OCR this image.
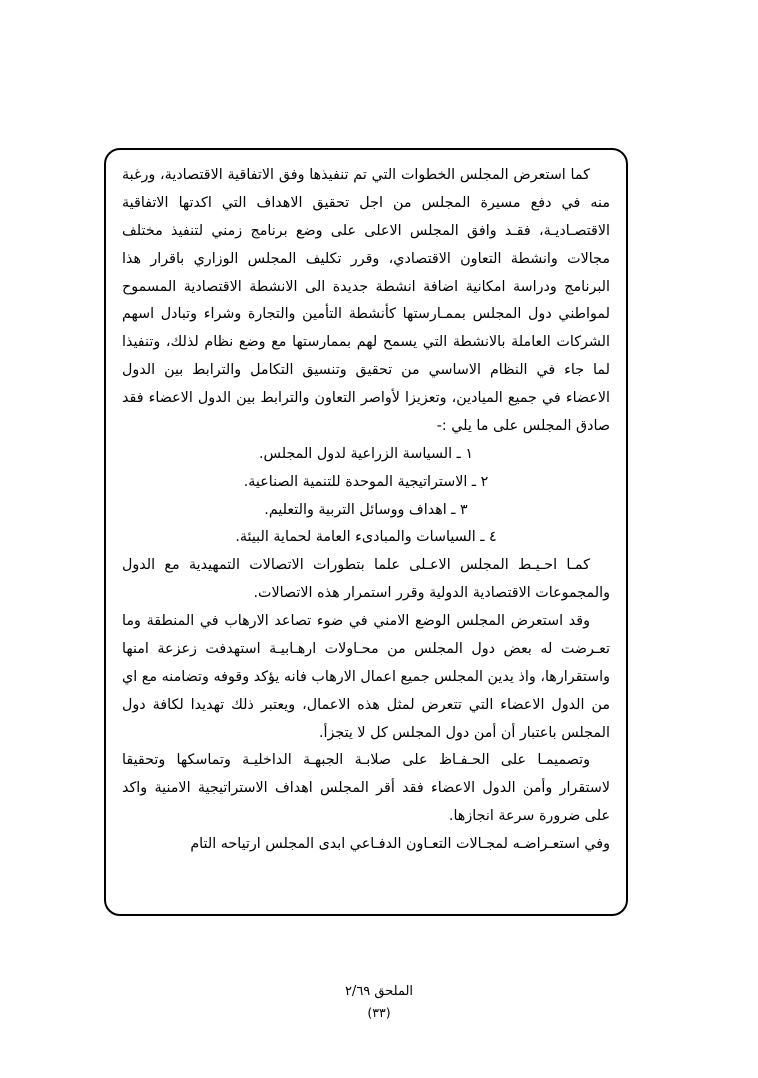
كما استعرض المجلس الخطوات التي تم تنفيذها وفق الاتفاقية الاقتصادية، ورغبة منه في دفع مسيرة المجلس من اجل تحقيق الاهداف التي اكدتها الاتفاقية الاقتصـاديـة، فقـد وافق المجلس الاعلى على وضع برنامج زمني لتنفيذ مختلف مجالات وانشطة التعاون الاقتصادي، وقرر تكليف المجلس الوزاري باقرار هذا البرنامج ودراسة امكانية اضافة انشطة جديدة الى الانشطة الاقتصادية المسموح لمواطني دول المجلس بممـارستها كأنشطة التأمين والتجارة وشراء وتبادل اسهم الشركات العاملة بالانشطة التي يسمح لهم بممارستها مع وضع نظام لذلك، وتنفيذا لما جاء في النظام الاساسي من تحقيق وتنسيق التكامل والترابط بين الدول الاعضاء في جميع الميادين، وتعزيزا لأواصر التعاون والترابط بين الدول الاعضاء فقد صادق المجلس على ما يلي :-

١ ـ السياسة الزراعية لدول المجلس.

٢ ـ الاستراتيجية الموحدة للتنمية الصناعية.

٣ ـ اهداف ووسائل التربية والتعليم.

٤ ـ السياسات والمبادىء العامة لحماية البيئة.

كمـا احـيـط المجلس الاعـلى علما بتطورات الاتصالات التمهيدية مع الدول والمجموعات الاقتصادية الدولية وقرر استمرار هذه الاتصالات.

وقد استعرض المجلس الوضع الامني في ضوء تصاعد الارهاب في المنطقة وما تعـرضت له بعض دول المجلس من محـاولات ارهـابيـة استهدفت زعزعة امنها واستقرارها، واذ يدين المجلس جميع اعمال الارهاب فانه يؤكد وقوفه وتضامنه مع اي من الدول الاعضاء التي تتعرض لمثل هذه الاعمال، ويعتبر ذلك تهديدا لكافة دول المجلس باعتبار أن أمن دول المجلس كل لا يتجزأ.

وتصميمـا على الحـفـاظ على صلابـة الجبهـة الداخليـة وتماسكها وتحقيقا لاستقرار وأمن الدول الاعضاء فقد أقر المجلس اهداف الاستراتيجية الامنية واكد على ضرورة سرعة انجازها.

وفي استعـراضـه لمجـالات التعـاون الدفـاعي ابدى المجلس ارتياحه التام

الملحق ٢/٦٩
(٣٣)
